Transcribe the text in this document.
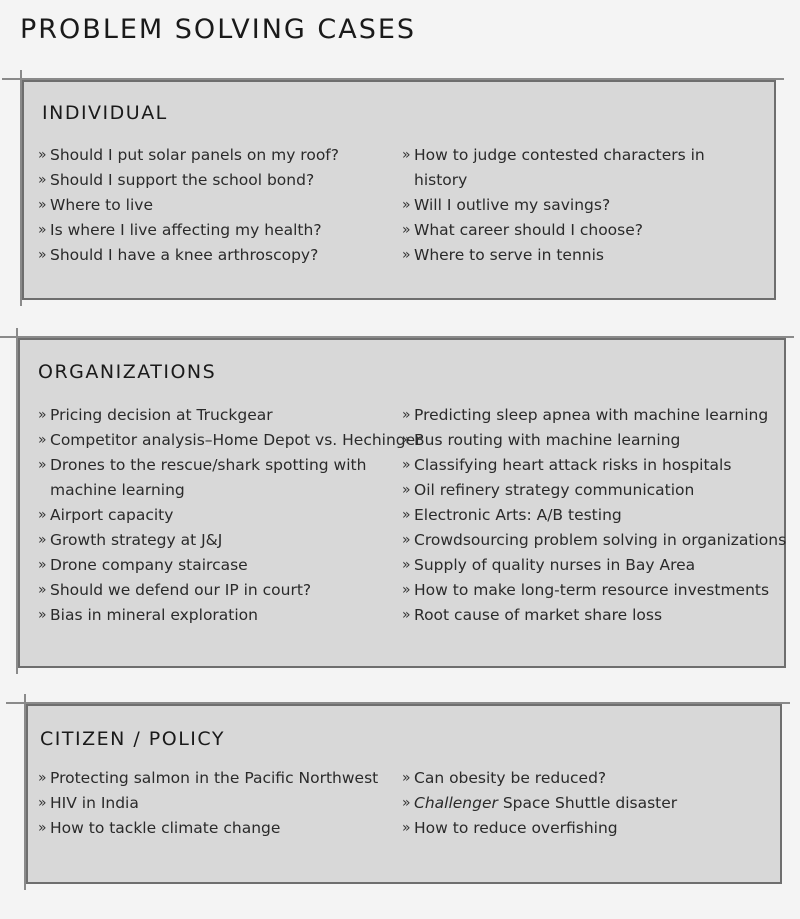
PROBLEM SOLVING CASES
INDIVIDUAL
» Should I put solar panels on my roof?
» Should I support the school bond?
» Where to live
» Is where I live affecting my health?
» Should I have a knee arthroscopy?
» How to judge contested characters in
history
» Will I outlive my savings?
» What career should I choose?
» Where to serve in tennis
ORGANIZATIONS
» Pricing decision at Truckgear
» Competitor analysis–Home Depot vs. Hechinger
» Drones to the rescue/shark spotting with
machine learning
» Airport capacity
» Growth strategy at J&J
» Drone company staircase
» Should we defend our IP in court?
» Bias in mineral exploration
» Predicting sleep apnea with machine learning
» Bus routing with machine learning
» Classifying heart attack risks in hospitals
» Oil refinery strategy communication
» Electronic Arts: A/B testing
» Crowdsourcing problem solving in organizations
» Supply of quality nurses in Bay Area
» How to make long-term resource investments
» Root cause of market share loss
CITIZEN / POLICY
» Protecting salmon in the Pacific Northwest
» HIV in India
» How to tackle climate change
» Can obesity be reduced?
» Challenger Space Shuttle disaster
» How to reduce overfishing
